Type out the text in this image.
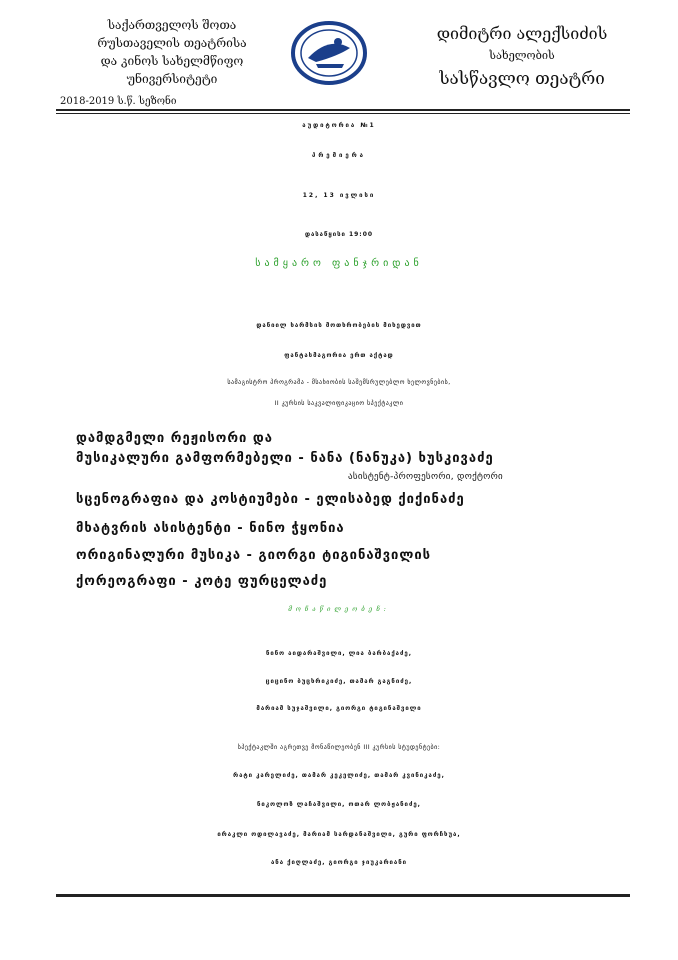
საქართველოს შოთა
რუსთაველის თეატრისა
და კინოს სახელმწიფო
უნივერსიტეტი
დიმიტრი ალექსიძის
სახელობის
სასწავლო თეატრი
2018-2019 ს.წ. სეზონი
აუდიტორია №1
პრემიერა
12, 13 ივლისი
დასაწყისი 19:00
სამყარო ფანჯრიდან
დანიილ ხარმსის მოთხრობების მიხედვით
ფანტასმაგორია ერთ აქტად
სამაგისტრო პროგრამა - მსახიობის საშემსრულებლო ხელოვნების,
II კურსის საკვალიფიკაციო სპექტაკლი
დამდგმელი რეჟისორი და
მუსიკალური გამფორმებელი - ნანა (ნანუკა) ხუსკივაძე
ასისტენტ-პროფესორი, დოქტორი
სცენოგრაფია და კოსტიუმები - ელისაბედ ქიქინაძე
მხატვრის ასისტენტი - ნინო ჭყონია
ორიგინალური მუსიკა - გიორგი ტიგინაშვილის
ქორეოგრაფი - კოტე ფურცელაძე
მონაწილეობენ:
ნინო აიდარაშვილი, ლია ბარბაქაძე,
ციცინო ბუცხრიკიძე, თამარ გაგნიძე,
მარიამ სუჯაშვილი, გიორგი ტიგინაშვილი
სპექტაკლში აგრეთვე მონაწილეობენ III კურსის სტუდენტები:
რატი კარელიძე, თამარ კეკელიძე, თამარ კვინიკაძე,
ნიკოლოზ ლაჩაშვილი, ოთარ ლობჟანიძე,
ირაკლი ოდილავაძე, მარიამ სარდანაშვილი, გური ფორჩხუა,
ანა ქიღლაძე, გიორგი ჯიუკარიანი
